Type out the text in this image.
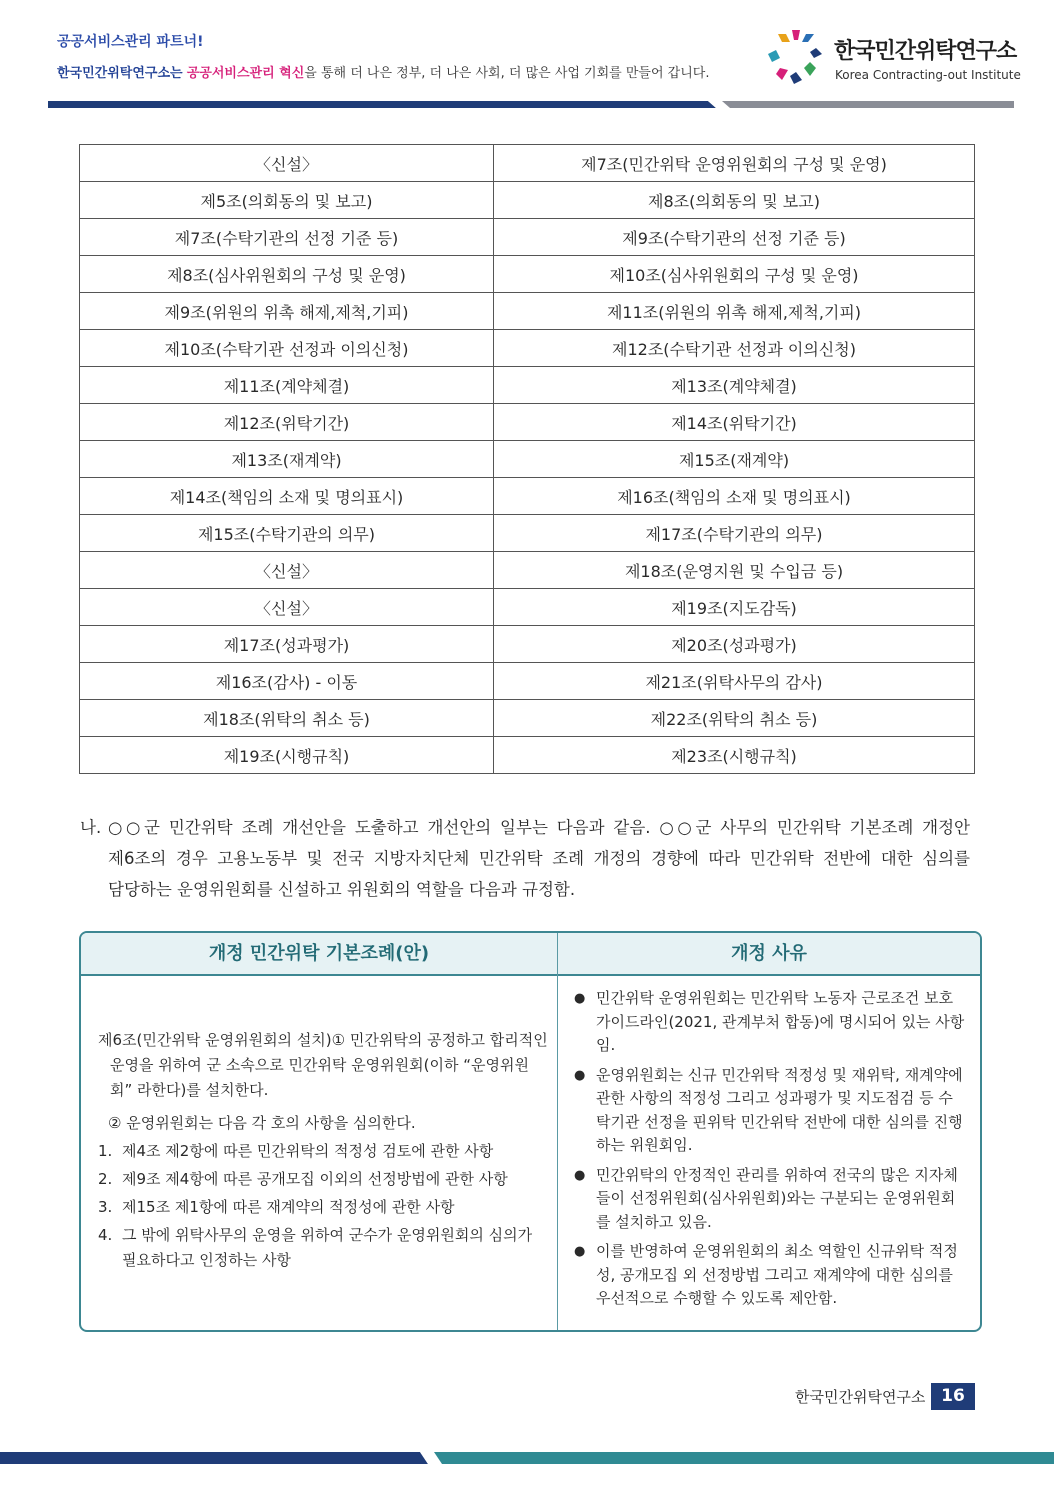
공공서비스관리 파트너!
한국민간위탁연구소는 공공서비스관리 혁신을 통해 더 나은 정부, 더 나은 사회, 더 많은 사업 기회를 만들어 갑니다.
한국민간위탁연구소
Korea Contracting-out Institute
〈신설〉	제7조(민간위탁 운영위원회의 구성 및 운영)
제5조(의회동의 및 보고)	제8조(의회동의 및 보고)
제7조(수탁기관의 선정 기준 등)	제9조(수탁기관의 선정 기준 등)
제8조(심사위원회의 구성 및 운영)	제10조(심사위원회의 구성 및 운영)
제9조(위원의 위촉 해제,제척,기피)	제11조(위원의 위촉 해제,제척,기피)
제10조(수탁기관 선정과 이의신청)	제12조(수탁기관 선정과 이의신청)
제11조(계약체결)	제13조(계약체결)
제12조(위탁기간)	제14조(위탁기간)
제13조(재계약)	제15조(재계약)
제14조(책임의 소재 및 명의표시)	제16조(책임의 소재 및 명의표시)
제15조(수탁기관의 의무)	제17조(수탁기관의 의무)
〈신설〉	제18조(운영지원 및 수입금 등)
〈신설〉	제19조(지도감독)
제17조(성과평가)	제20조(성과평가)
제16조(감사) - 이동	제21조(위탁사무의 감사)
제18조(위탁의 취소 등)	제22조(위탁의 취소 등)
제19조(시행규칙)	제23조(시행규칙)
나. ○○군 민간위탁 조례 개선안을 도출하고 개선안의 일부는 다음과 같음. ○○군 사무의 민간위탁 기본조례 개정안 제6조의 경우 고용노동부 및 전국 지방자치단체 민간위탁 조례 개정의 경향에 따라 민간위탁 전반에 대한 심의를 담당하는 운영위원회를 신설하고 위원회의 역할을 다음과 규정함.
개정 민간위탁 기본조례(안)	개정 사유

제6조(민간위탁 운영위원회의 설치)① 민간위탁의 공정하고 합리적인 운영을 위하여 군 소속으로 민간위탁 운영위원회(이하 “운영위원회” 라한다)를 설치한다.

② 운영위원회는 다음 각 호의 사항을 심의한다.

1. 제4조 제2항에 따른 민간위탁의 적정성 검토에 관한 사항
2. 제9조 제4항에 따른 공개모집 이외의 선정방법에 관한 사항
3. 제15조 제1항에 따른 재계약의 적정성에 관한 사항
4. 그 밖에 위탁사무의 운영을 위하여 군수가 운영위원회의 심의가 필요하다고 인정하는 사항
● 민간위탁 운영위원회는 민간위탁 노동자 근로조건 보호 가이드라인(2021, 관계부처 합동)에 명시되어 있는 사항임.
● 운영위원회는 신규 민간위탁 적정성 및 재위탁, 재계약에 관한 사항의 적정성 그리고 성과평가 및 지도점검 등 수탁기관 선정을 핀위탁 민간위탁 전반에 대한 심의를 진행하는 위원회임.
● 민간위탁의 안정적인 관리를 위하여 전국의 많은 지자체들이 선정위원회(심사위원회)와는 구분되는 운영위원회를 설치하고 있음.
● 이를 반영하여 운영위원회의 최소 역할인 신규위탁 적정성, 공개모집 외 선정방법 그리고 재계약에 대한 심의를 우선적으로 수행할 수 있도록 제안함.
한국민간위탁연구소 16
